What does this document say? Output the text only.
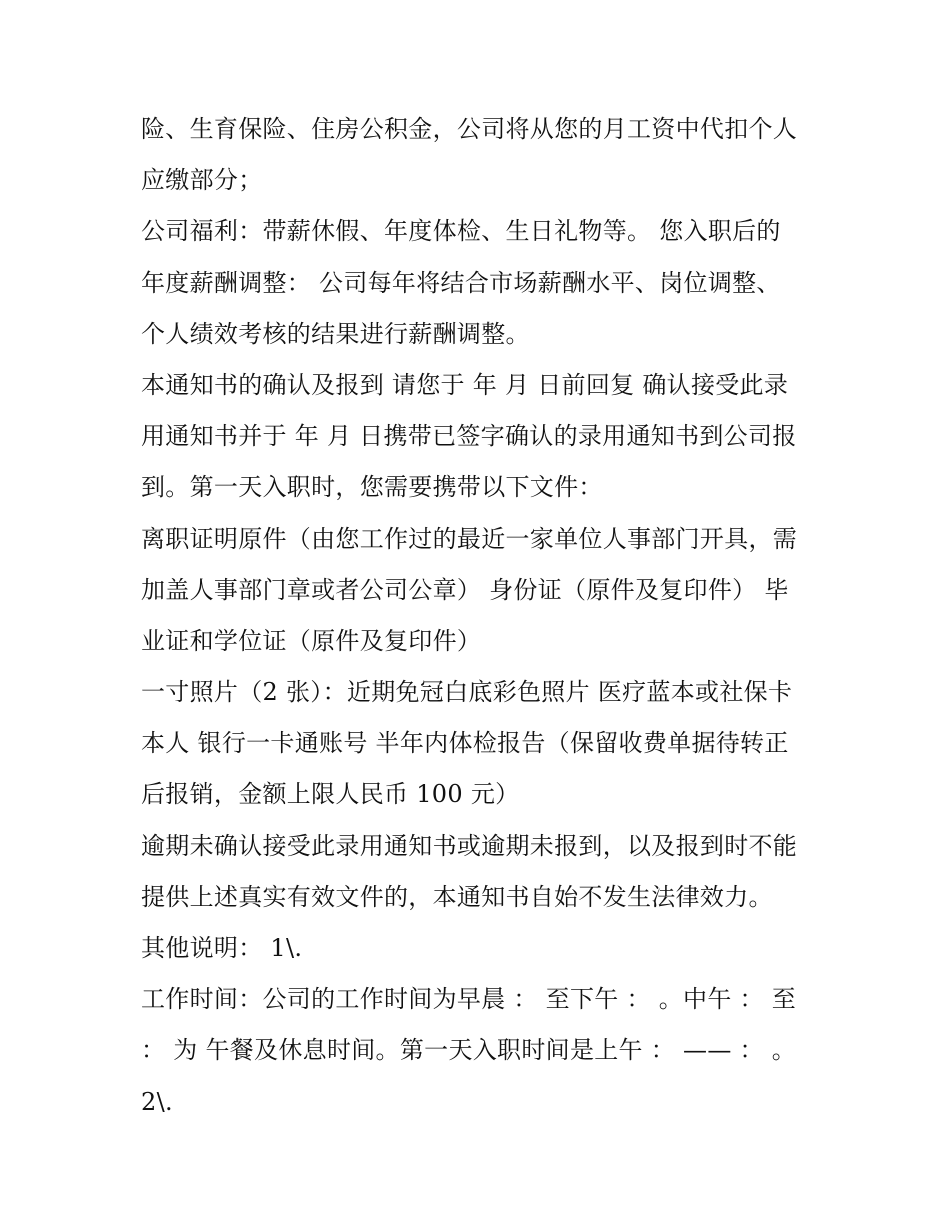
险、生育保险、住房公积金，公司将从您的月工资中代扣个人
应缴部分；
公司福利：带薪休假、年度体检、生日礼物等。 您入职后的
年度薪酬调整： 公司每年将结合市场薪酬水平、岗位调整、
个人绩效考核的结果进行薪酬调整。
本通知书的确认及报到 请您于 年 月 日前回复 确认接受此录
用通知书并于 年 月 日携带已签字确认的录用通知书到公司报
到。第一天入职时，您需要携带以下文件：
离职证明原件（由您工作过的最近一家单位人事部门开具，需
加盖人事部门章或者公司公章） 身份证（原件及复印件） 毕
业证和学位证（原件及复印件）
一寸照片（2 张）：近期免冠白底彩色照片 医疗蓝本或社保卡
本人 银行一卡通账号 半年内体检报告（保留收费单据待转正
后报销，金额上限人民币 100 元）
逾期未确认接受此录用通知书或逾期未报到，以及报到时不能
提供上述真实有效文件的，本通知书自始不发生法律效力。
其他说明： 1\.
工作时间：公司的工作时间为早晨 ： 至下午 ： 。中午 ： 至
： 为 午餐及休息时间。第一天入职时间是上午 ： —— ： 。
2\.
